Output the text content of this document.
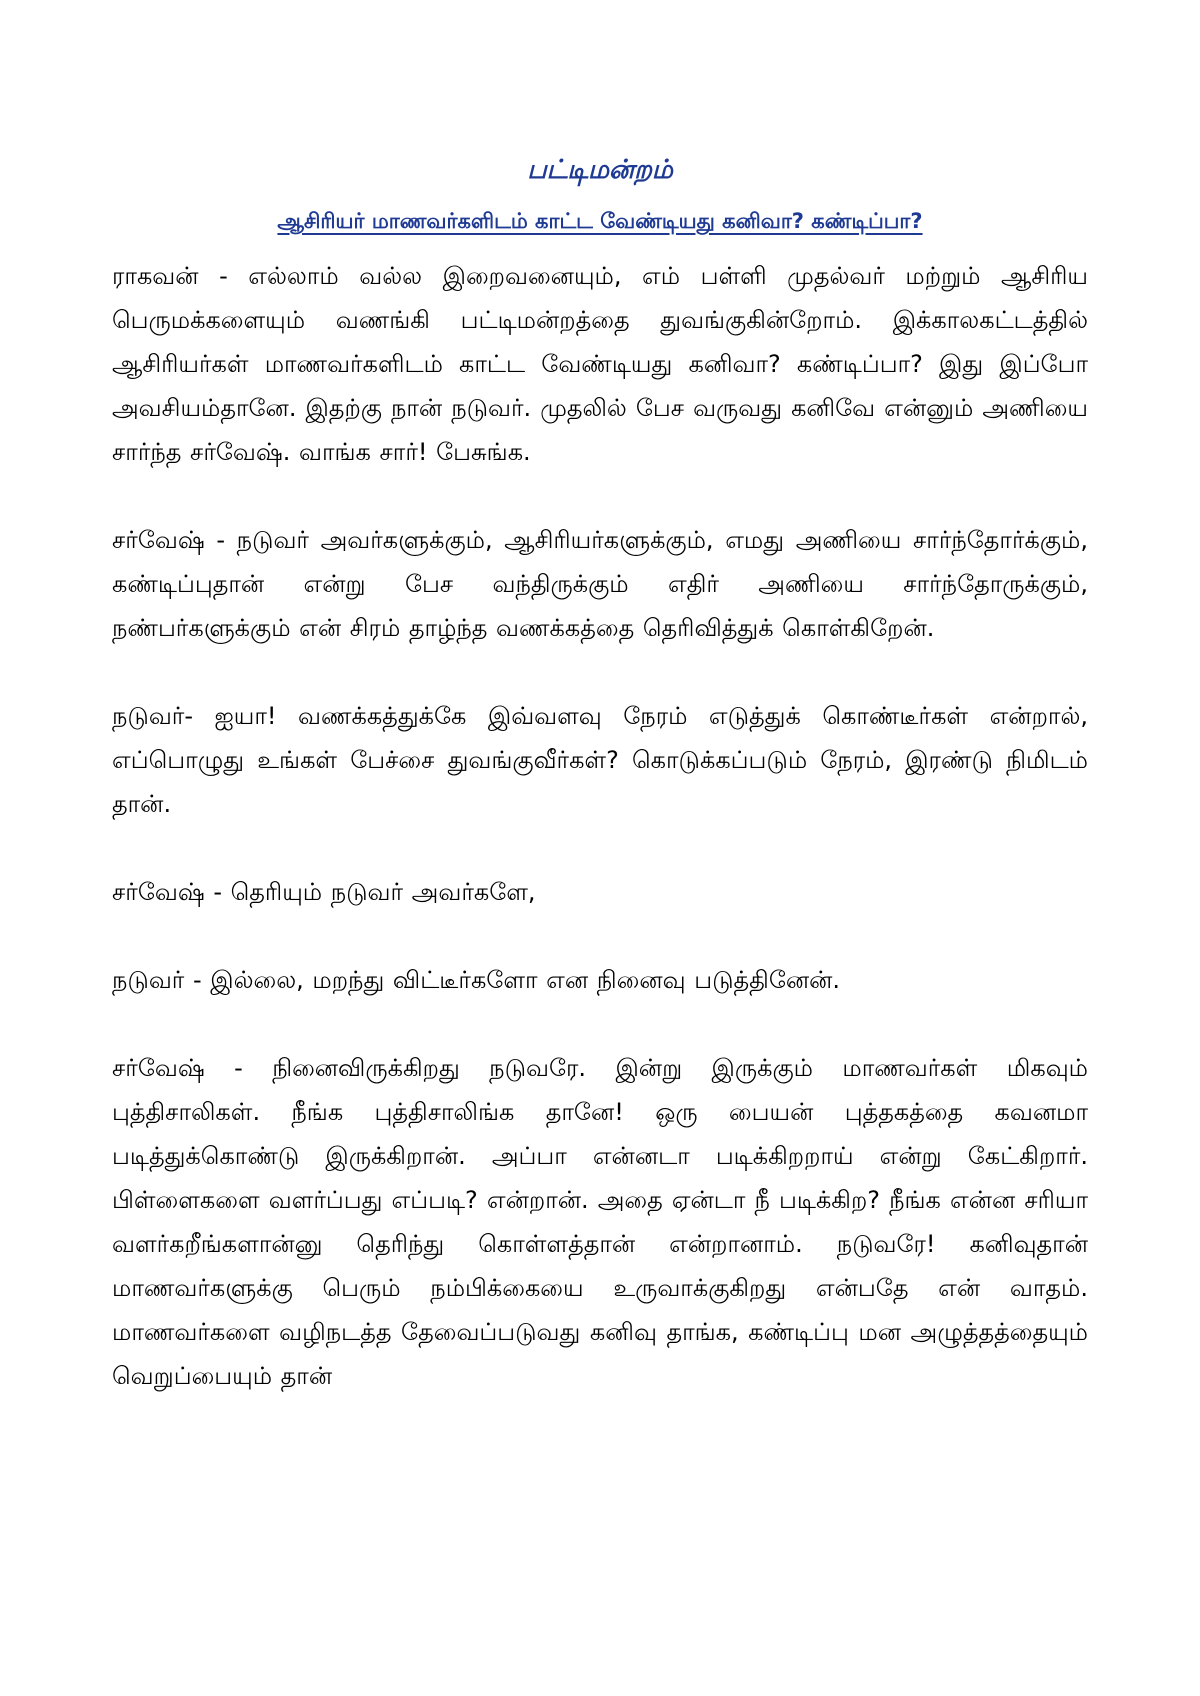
பட்டிமன்றம்
ஆசிரியர் மாணவர்களிடம் காட்ட வேண்டியது கனிவா? கண்டிப்பா?

ராகவன் - எல்லாம் வல்ல இறைவனையும், எம் பள்ளி முதல்வர் மற்றும் ஆசிரிய பெருமக்களையும் வணங்கி பட்டிமன்றத்தை துவங்குகின்றோம். இக்காலகட்டத்தில் ஆசிரியர்கள் மாணவர்களிடம் காட்ட வேண்டியது கனிவா? கண்டிப்பா? இது இப்போ அவசியம்தானே. இதற்கு நான் நடுவர். முதலில் பேச வருவது கனிவே என்னும் அணியை சார்ந்த சர்வேஷ். வாங்க சார்! பேசுங்க.

சர்வேஷ் - நடுவர் அவர்களுக்கும், ஆசிரியர்களுக்கும், எமது அணியை சார்ந்தோர்க்கும், கண்டிப்புதான் என்று பேச வந்திருக்கும் எதிர் அணியை சார்ந்தோருக்கும், நண்பர்களுக்கும் என் சிரம் தாழ்ந்த வணக்கத்தை தெரிவித்துக் கொள்கிறேன்.

நடுவர்- ஐயா! வணக்கத்துக்கே இவ்வளவு நேரம் எடுத்துக் கொண்டீர்கள் என்றால், எப்பொழுது உங்கள் பேச்சை துவங்குவீர்கள்? கொடுக்கப்படும் நேரம், இரண்டு நிமிடம் தான்.

சர்வேஷ் - தெரியும் நடுவர் அவர்களே,

நடுவர் - இல்லை, மறந்து விட்டீர்களோ என நினைவு படுத்தினேன்.

சர்வேஷ் - நினைவிருக்கிறது நடுவரே. இன்று இருக்கும் மாணவர்கள் மிகவும் புத்திசாலிகள். நீங்க புத்திசாலிங்க தானே! ஒரு பையன் புத்தகத்தை கவனமா படித்துக்கொண்டு இருக்கிறான். அப்பா என்னடா படிக்கிறறாய் என்று கேட்கிறார். பிள்ளைகளை வளர்ப்பது எப்படி? என்றான். அதை ஏன்டா நீ படிக்கிற? நீங்க என்ன சரியா வளர்கறீங்களான்னு தெரிந்து கொள்ளத்தான் என்றானாம். நடுவரே! கனிவுதான் மாணவர்களுக்கு பெரும் நம்பிக்கையை உருவாக்குகிறது என்பதே என் வாதம். மாணவர்களை வழிநடத்த தேவைப்படுவது கனிவு தாங்க, கண்டிப்பு மன அழுத்தத்தையும் வெறுப்பையும் தான்
